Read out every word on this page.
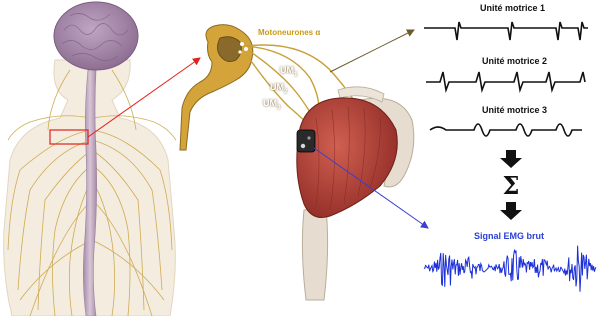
Σ
Motoneurones α
$UM_1$
$UM_2$
$UM_3$
Unité motrice 1
Unité motrice 2
Unité motrice 3
Signal EMG brut
